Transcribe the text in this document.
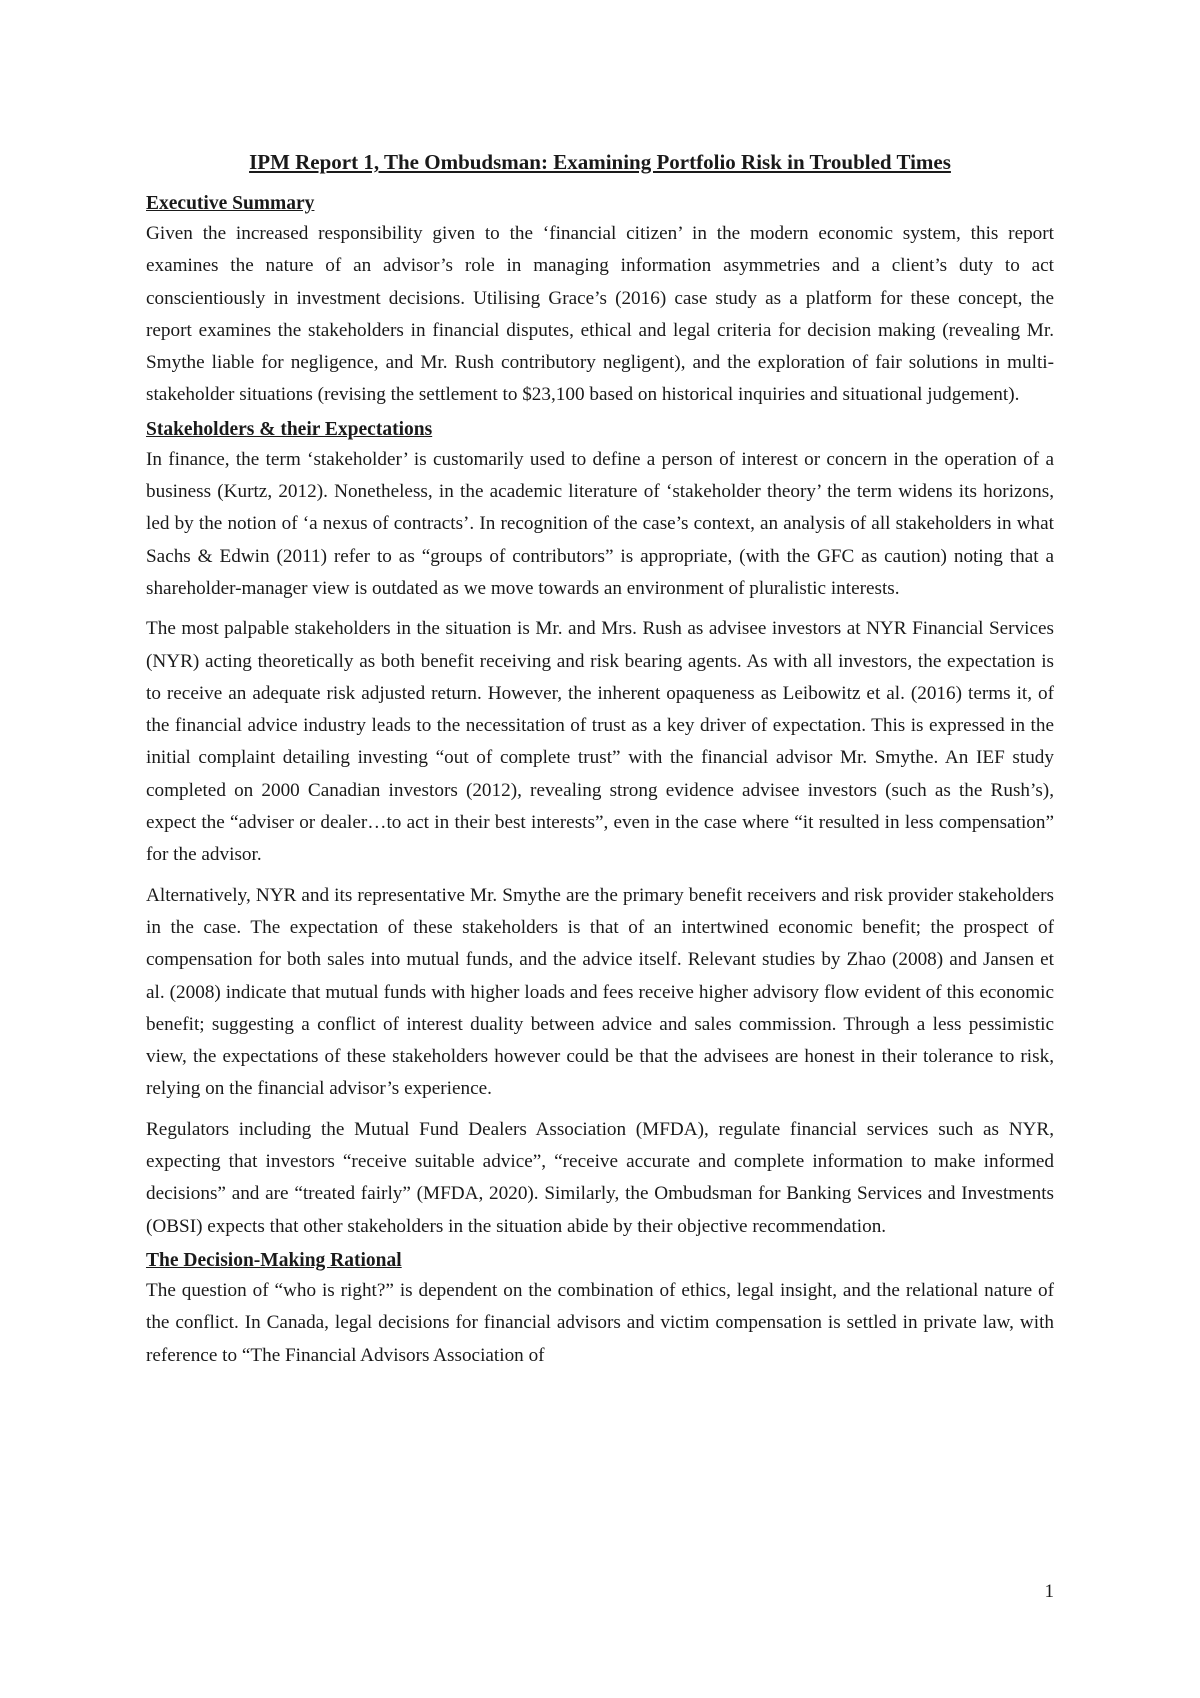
IPM Report 1, The Ombudsman: Examining Portfolio Risk in Troubled Times
Executive Summary

Given the increased responsibility given to the ‘financial citizen’ in the modern economic system, this report examines the nature of an advisor’s role in managing information asymmetries and a client’s duty to act conscientiously in investment decisions. Utilising Grace’s (2016) case study as a platform for these concept, the report examines the stakeholders in financial disputes, ethical and legal criteria for decision making (revealing Mr. Smythe liable for negligence, and Mr. Rush contributory negligent), and the exploration of fair solutions in multi-stakeholder situations (revising the settlement to $23,100 based on historical inquiries and situational judgement).

Stakeholders & their Expectations

In finance, the term ‘stakeholder’ is customarily used to define a person of interest or concern in the operation of a business (Kurtz, 2012). Nonetheless, in the academic literature of ‘stakeholder theory’ the term widens its horizons, led by the notion of ‘a nexus of contracts’. In recognition of the case’s context, an analysis of all stakeholders in what Sachs & Edwin (2011) refer to as “groups of contributors” is appropriate, (with the GFC as caution) noting that a shareholder-manager view is outdated as we move towards an environment of pluralistic interests.

The most palpable stakeholders in the situation is Mr. and Mrs. Rush as advisee investors at NYR Financial Services (NYR) acting theoretically as both benefit receiving and risk bearing agents. As with all investors, the expectation is to receive an adequate risk adjusted return. However, the inherent opaqueness as Leibowitz et al. (2016) terms it, of the financial advice industry leads to the necessitation of trust as a key driver of expectation. This is expressed in the initial complaint detailing investing “out of complete trust” with the financial advisor Mr. Smythe. An IEF study completed on 2000 Canadian investors (2012), revealing strong evidence advisee investors (such as the Rush’s), expect the “adviser or dealer…to act in their best interests”, even in the case where “it resulted in less compensation” for the advisor.

Alternatively, NYR and its representative Mr. Smythe are the primary benefit receivers and risk provider stakeholders in the case. The expectation of these stakeholders is that of an intertwined economic benefit; the prospect of compensation for both sales into mutual funds, and the advice itself. Relevant studies by Zhao (2008) and Jansen et al. (2008) indicate that mutual funds with higher loads and fees receive higher advisory flow evident of this economic benefit; suggesting a conflict of interest duality between advice and sales commission. Through a less pessimistic view, the expectations of these stakeholders however could be that the advisees are honest in their tolerance to risk, relying on the financial advisor’s experience.

Regulators including the Mutual Fund Dealers Association (MFDA), regulate financial services such as NYR, expecting that investors “receive suitable advice”, “receive accurate and complete information to make informed decisions” and are “treated fairly” (MFDA, 2020). Similarly, the Ombudsman for Banking Services and Investments (OBSI) expects that other stakeholders in the situation abide by their objective recommendation.

The Decision-Making Rational

The question of “who is right?” is dependent on the combination of ethics, legal insight, and the relational nature of the conflict. In Canada, legal decisions for financial advisors and victim compensation is settled in private law, with reference to “The Financial Advisors Association of

1
